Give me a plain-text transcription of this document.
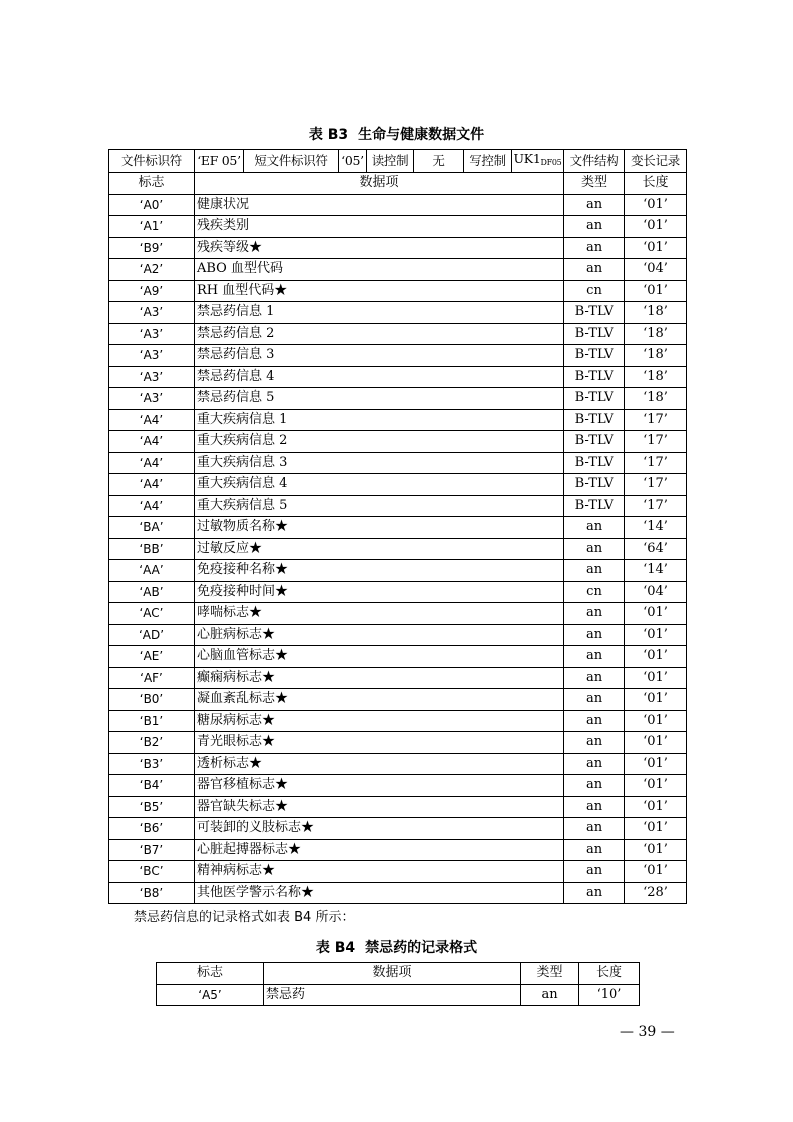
表 B3 生命与健康数据文件
文件标识符	‘EF 05’	短文件标识符	‘05’	读控制	无	写控制	$UK1_{DF05}$	文件结构	变长记录
标志	数据项							类型	长度
‘A0’	健康状况							an	‘01’
‘A1’	残疾类别							an	‘01’
‘B9’	残疾等级★							an	‘01’
‘A2’	ABO 血型代码							an	‘04’
‘A9’	RH 血型代码★							cn	‘01’
‘A3’	禁忌药信息 1							B-TLV	‘18’
‘A3’	禁忌药信息 2							B-TLV	‘18’
‘A3’	禁忌药信息 3							B-TLV	‘18’
‘A3’	禁忌药信息 4							B-TLV	‘18’
‘A3’	禁忌药信息 5							B-TLV	‘18’
‘A4’	重大疾病信息 1							B-TLV	‘17’
‘A4’	重大疾病信息 2							B-TLV	‘17’
‘A4’	重大疾病信息 3							B-TLV	‘17’
‘A4’	重大疾病信息 4							B-TLV	‘17’
‘A4’	重大疾病信息 5							B-TLV	‘17’
‘BA’	过敏物质名称★							an	‘14’
‘BB’	过敏反应★							an	‘64’
‘AA’	免疫接种名称★							an	‘14’
‘AB’	免疫接种时间★							cn	‘04’
‘AC’	哮喘标志★							an	‘01’
‘AD’	心脏病标志★							an	‘01’
‘AE’	心脑血管标志★							an	‘01’
‘AF’	癫痫病标志★							an	‘01’
‘B0’	凝血紊乱标志★							an	‘01’
‘B1’	糖尿病标志★							an	‘01’
‘B2’	青光眼标志★							an	‘01’
‘B3’	透析标志★							an	‘01’
‘B4’	器官移植标志★							an	‘01’
‘B5’	器官缺失标志★							an	‘01’
‘B6’	可装卸的义肢标志★							an	‘01’
‘B7’	心脏起搏器标志★							an	‘01’
‘BC’	精神病标志★							an	‘01’
‘B8’	其他医学警示名称★							an	‘28’
禁忌药信息的记录格式如表 B4 所示：
表 B4 禁忌药的记录格式
标志	数据项	类型	长度
‘A5’	禁忌药	an	‘10’
— 39 —
